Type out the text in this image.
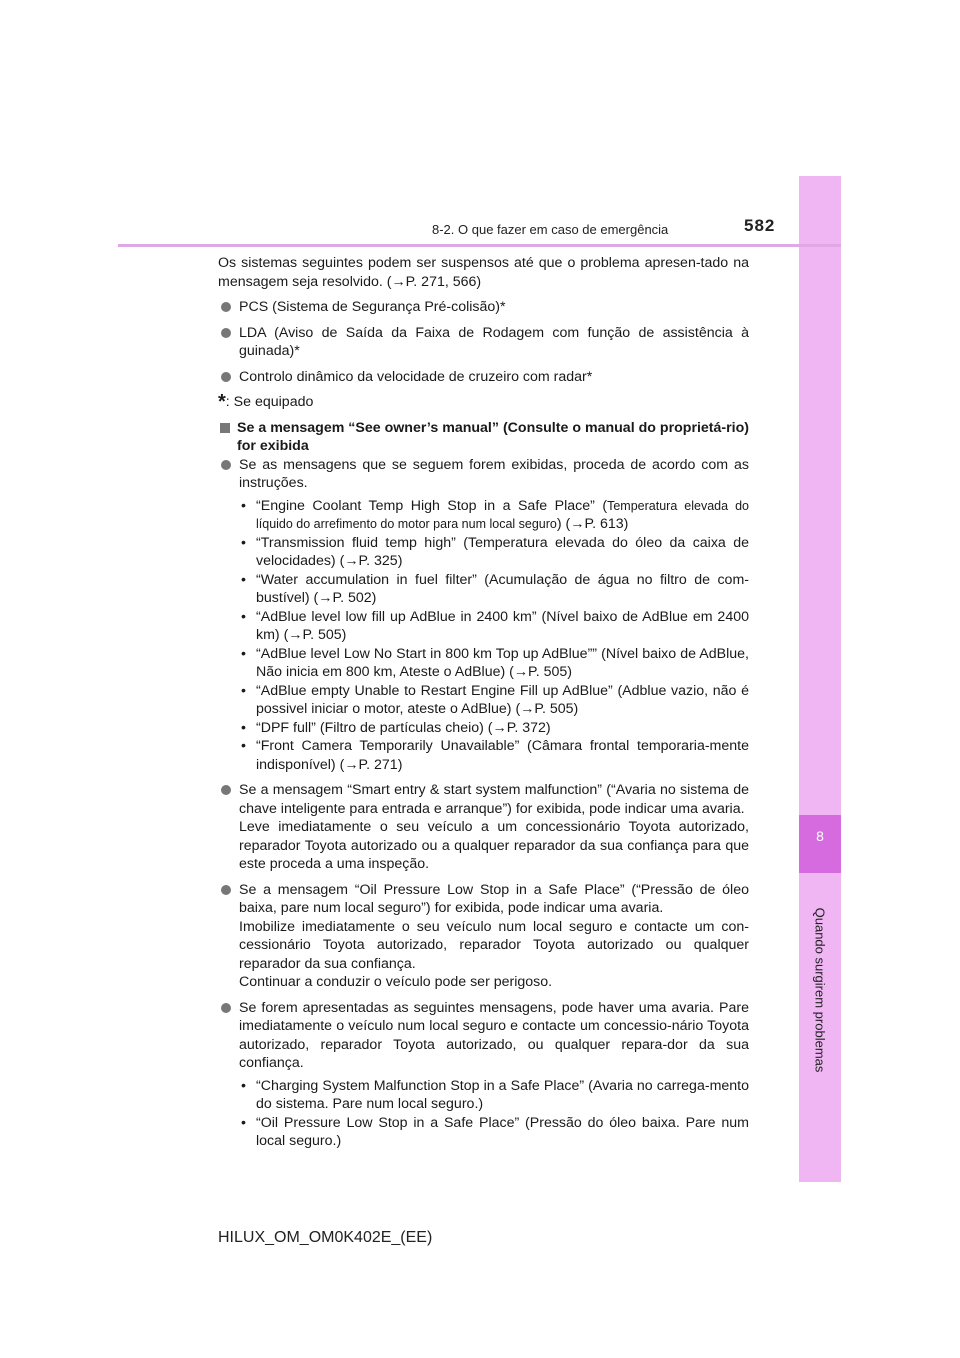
8
Quando surgirem problemas
8-2. O que fazer em caso de emergência	582

Os sistemas seguintes podem ser suspensos até que o problema apresen-tado na mensagem seja resolvido. (→P. 271, 566)

PCS (Sistema de Segurança Pré-colisão)*
LDA (Aviso de Saída da Faixa de Rodagem com função de assistência à guinada)*
Controlo dinâmico da velocidade de cruzeiro com radar*

*: Se equipado

Se a mensagem “See owner’s manual” (Consulte o manual do proprietá-rio) for exibida
Se as mensagens que se seguem forem exibidas, proceda de acordo com as instruções.
• “Engine Coolant Temp High Stop in a Safe Place” (Temperatura elevada do líquido do arrefimento do motor para num local seguro) (→P. 613)
• “Transmission fluid temp high” (Temperatura elevada do óleo da caixa de velocidades) (→P. 325)
• “Water accumulation in fuel filter” (Acumulação de água no filtro de com-bustível) (→P. 502)
• “AdBlue level low fill up AdBlue in 2400 km” (Nível baixo de AdBlue em 2400 km) (→P. 505)
• “AdBlue level Low No Start in 800 km Top up AdBlue”” (Nível baixo de AdBlue, Não inicia em 800 km, Ateste o AdBlue) (→P. 505)
• “AdBlue empty Unable to Restart Engine Fill up AdBlue” (Adblue vazio, não é possivel iniciar o motor, ateste o AdBlue) (→P. 505)
• “DPF full” (Filtro de partículas cheio) (→P. 372)
• “Front Camera Temporarily Unavailable” (Câmara frontal temporaria-mente indisponível) (→P. 271)

Se a mensagem “Smart entry & start system malfunction” (“Avaria no sistema de chave inteligente para entrada e arranque”) for exibida, pode indicar uma avaria.

Leve imediatamente o seu veículo a um concessionário Toyota autorizado, reparador Toyota autorizado ou a qualquer reparador da sua confiança para que este proceda a uma inspeção.

Se a mensagem “Oil Pressure Low Stop in a Safe Place” (“Pressão de óleo baixa, pare num local seguro”) for exibida, pode indicar uma avaria.

Imobilize imediatamente o seu veículo num local seguro e contacte um con-cessionário Toyota autorizado, reparador Toyota autorizado ou qualquer reparador da sua confiança.

Continuar a conduzir o veículo pode ser perigoso.

Se forem apresentadas as seguintes mensagens, pode haver uma avaria. Pare imediatamente o veículo num local seguro e contacte um concessio-nário Toyota autorizado, reparador Toyota autorizado, ou qualquer repara-dor da sua confiança.

• “Charging System Malfunction Stop in a Safe Place” (Avaria no carrega-mento do sistema. Pare num local seguro.)
• “Oil Pressure Low Stop in a Safe Place” (Pressão do óleo baixa. Pare num local seguro.)
HILUX_OM_OM0K402E_(EE)
